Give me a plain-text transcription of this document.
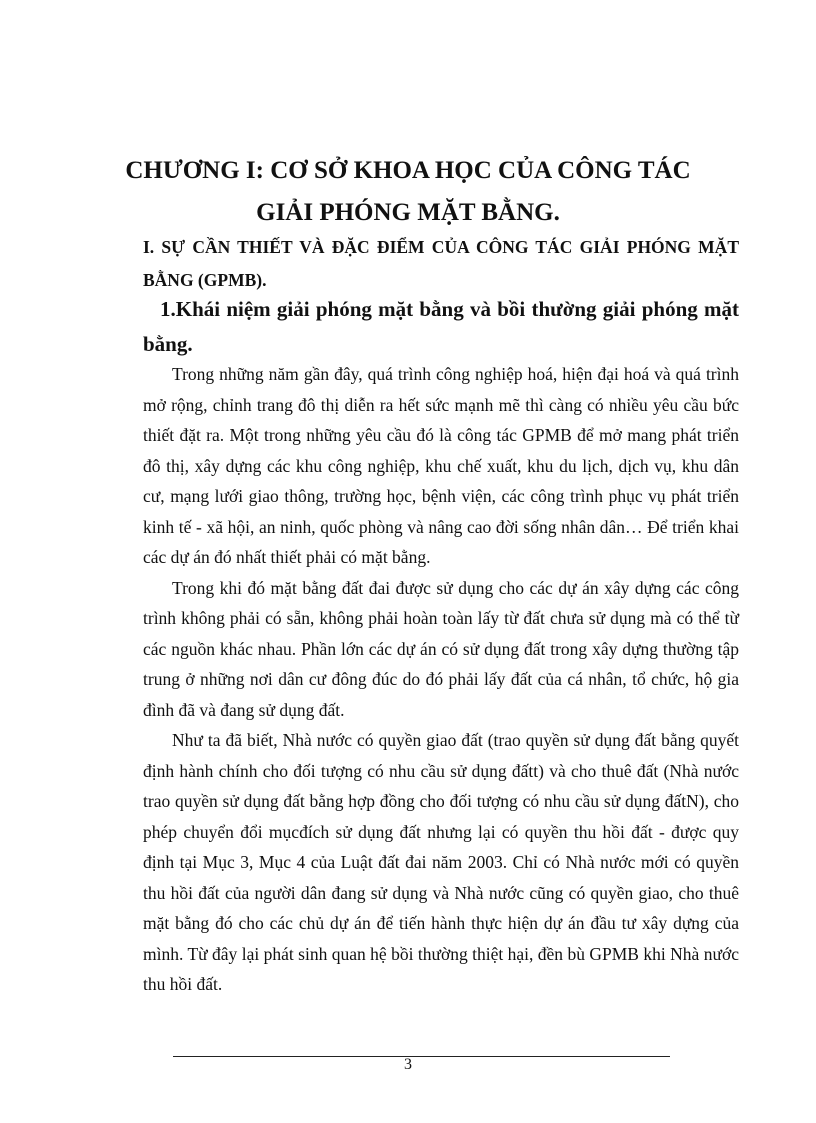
CHƯƠNG I: CƠ SỞ KHOA HỌC CỦA CÔNG TÁC
GIẢI PHÓNG MẶT BẰNG.
I. SỰ CẦN THIẾT VÀ ĐẶC ĐIỂM CỦA CÔNG TÁC GIẢI PHÓNG MẶT BẰNG (GPMB).
1.Khái niệm giải phóng mặt bằng và bồi thường giải phóng mặt bằng.

Trong những năm gần đây, quá trình công nghiệp hoá, hiện đại hoá và quá trình mở rộng, chỉnh trang đô thị diễn ra hết sức mạnh mẽ thì càng có nhiều yêu cầu bức thiết đặt ra. Một trong những yêu cầu đó là công tác GPMB để mở mang phát triển đô thị, xây dựng các khu công nghiệp, khu chế xuất, khu du lịch, dịch vụ, khu dân cư, mạng lưới giao thông, trường học, bệnh viện, các công trình phục vụ phát triển kinh tế - xã hội, an ninh, quốc phòng và nâng cao đời sống nhân dân… Để triển khai các dự án đó nhất thiết phải có mặt bằng.

Trong khi đó mặt bằng đất đai được sử dụng cho các dự án xây dựng các công trình không phải có sẵn, không phải hoàn toàn lấy từ đất chưa sử dụng mà có thể từ các nguồn khác nhau. Phần lớn các dự án có sử dụng đất trong xây dựng thường tập trung ở những nơi dân cư đông đúc do đó phải lấy đất của cá nhân, tổ chức, hộ gia đình đã và đang sử dụng đất.

Như ta đã biết, Nhà nước có quyền giao đất (trao quyền sử dụng đất bằng quyết định hành chính cho đối tượng có nhu cầu sử dụng đấtt) và cho thuê đất (Nhà nước trao quyền sử dụng đất bằng hợp đồng cho đối tượng có nhu cầu sử dụng đấtN), cho phép chuyển đổi mụcđích sử dụng đất nhưng lại có quyền thu hồi đất - được quy định tại Mục 3, Mục 4 của Luật đất đai năm 2003. Chỉ có Nhà nước mới có quyền thu hồi đất của người dân đang sử dụng và Nhà nước cũng có quyền giao, cho thuê mặt bằng đó cho các chủ dự án để tiến hành thực hiện dự án đầu tư xây dựng của mình. Từ đây lại phát sinh quan hệ bồi thường thiệt hại, đền bù GPMB khi Nhà nước thu hồi đất.

3
